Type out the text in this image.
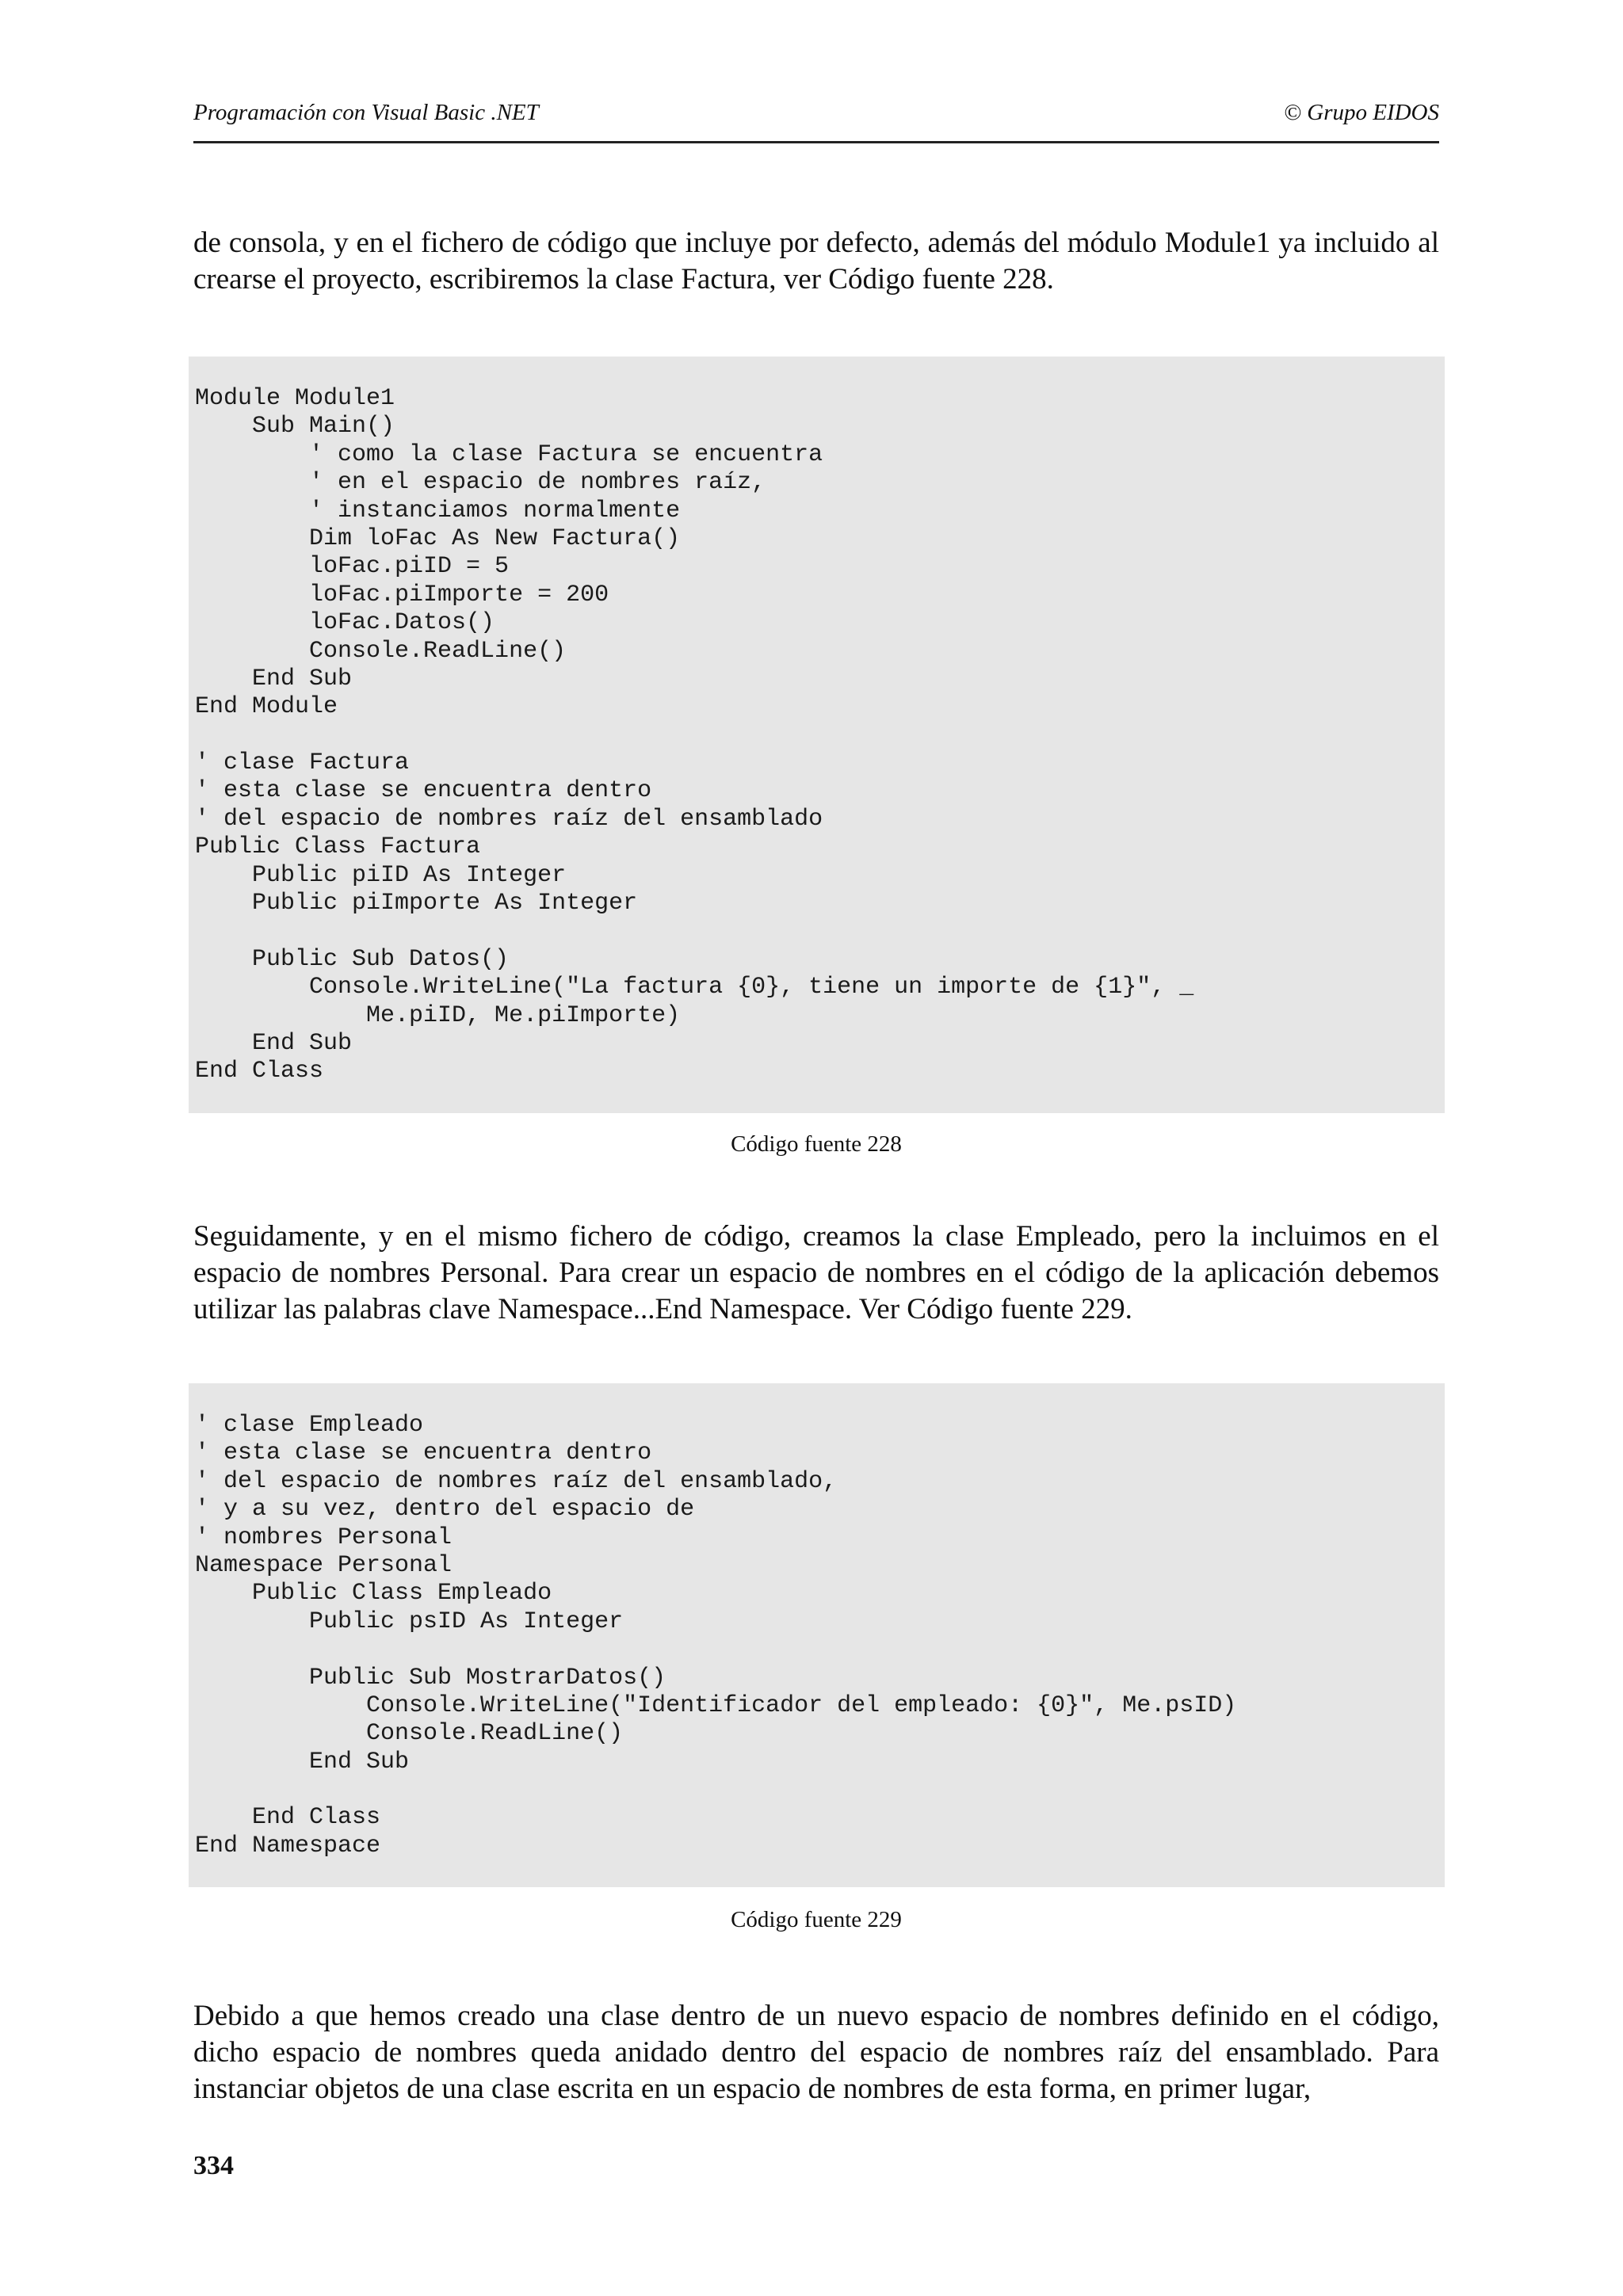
Programación con Visual Basic .NET	© Grupo EIDOS

de consola, y en el fichero de código que incluye por defecto, además del módulo Module1 ya incluido al crearse el proyecto, escribiremos la clase Factura, ver Código fuente 228.

Module Module1
Sub Main()
' como la clase Factura se encuentra
' en el espacio de nombres raíz,
' instanciamos normalmente
Dim loFac As New Factura()
loFac.piID = 5
loFac.piImporte = 200
loFac.Datos()
Console.ReadLine()
End Sub
End Module
' clase Factura
' esta clase se encuentra dentro
' del espacio de nombres raíz del ensamblado
Public Class Factura
Public piID As Integer
Public piImporte As Integer
Public Sub Datos()
Console.WriteLine("La factura {0}, tiene un importe de {1}", _
Me.piID, Me.piImporte)
End Sub
End Class
Código fuente 228

Seguidamente, y en el mismo fichero de código, creamos la clase Empleado, pero la incluimos en el espacio de nombres Personal. Para crear un espacio de nombres en el código de la aplicación debemos utilizar las palabras clave Namespace...End Namespace. Ver Código fuente 229.

' clase Empleado
' esta clase se encuentra dentro
' del espacio de nombres raíz del ensamblado,
' y a su vez, dentro del espacio de
' nombres Personal
Namespace Personal
Public Class Empleado
Public psID As Integer
Public Sub MostrarDatos()
Console.WriteLine("Identificador del empleado: {0}", Me.psID)
Console.ReadLine()
End Sub
End Class
End Namespace
Código fuente 229

Debido a que hemos creado una clase dentro de un nuevo espacio de nombres definido en el código, dicho espacio de nombres queda anidado dentro del espacio de nombres raíz del ensamblado. Para instanciar objetos de una clase escrita en un espacio de nombres de esta forma, en primer lugar,

334
